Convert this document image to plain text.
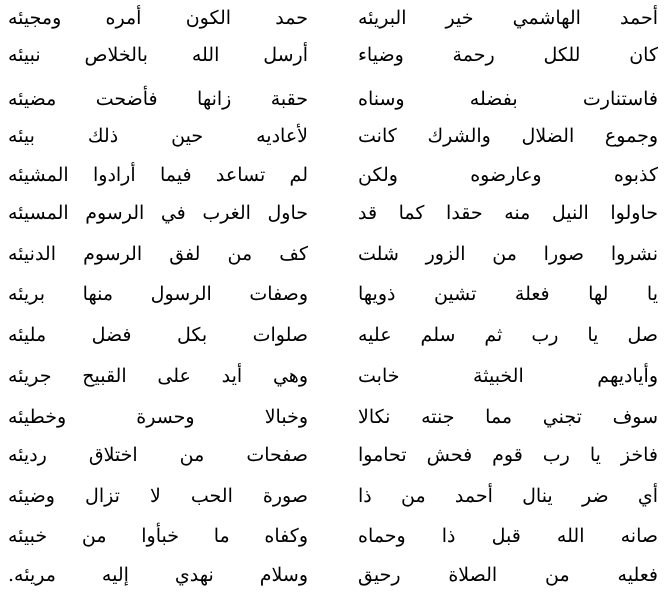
أحمد الهاشمي خير البريئه
حمد الكون أمره ومجيئه
كان للكل رحمة وضياء
أرسل الله بالخلاص نبيئه
فاستنارت بفضله وسناه
حقبة زانها فأضحت مضيئه
وجموع الضلال والشرك كانت
لأعاديه حين ذلك بيئه
كذبوه وعارضوه ولكن
لم تساعد فيما أرادوا المشيئه
حاولوا النيل منه حقدا كما قد
حاول الغرب في الرسوم المسيئه
نشروا صورا من الزور شلت
كف من لفق الرسوم الدنيئه
يا لها فعلة تشين ذويها
وصفات الرسول منها بريئه
صل يا رب ثم سلم عليه
صلوات بكل فضل مليئه
وأياديهم الخبيثة خابت
وهي أيد على القبيح جريئه
سوف تجني مما جنته نكالا
وخبالا وحسرة وخطيئه
فاخز يا رب قوم فحش تحاموا
صفحات من اختلاق رديئه
أي ضر ينال أحمد من ذا
صورة الحب لا تزال وضيئه
صانه الله قبل ذا وحماه
وكفاه ما خبأوا من خبيئه
فعليه من الصلاة رحيق
وسلام نهدي إليه مريئه.
